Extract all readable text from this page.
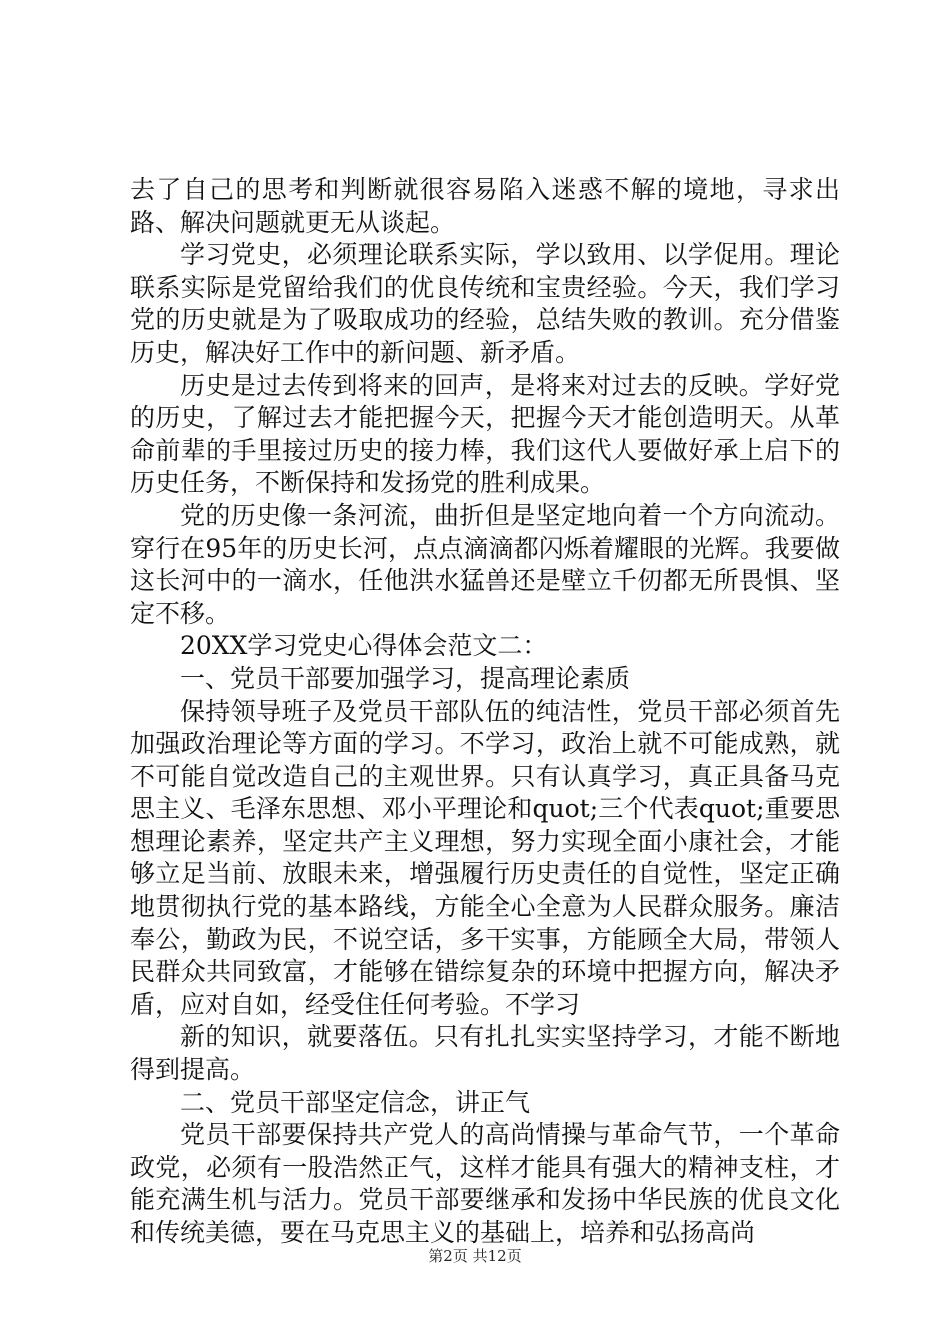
去了自己的思考和判断就很容易陷入迷惑不解的境地，寻求出路、解决问题就更无从谈起。

学习党史，必须理论联系实际，学以致用、以学促用。理论联系实际是党留给我们的优良传统和宝贵经验。今天，我们学习党的历史就是为了吸取成功的经验，总结失败的教训。充分借鉴历史，解决好工作中的新问题、新矛盾。

历史是过去传到将来的回声，是将来对过去的反映。学好党的历史，了解过去才能把握今天，把握今天才能创造明天。从革命前辈的手里接过历史的接力棒，我们这代人要做好承上启下的历史任务，不断保持和发扬党的胜利成果。

党的历史像一条河流，曲折但是坚定地向着一个方向流动。穿行在95年的历史长河，点点滴滴都闪烁着耀眼的光辉。我要做这长河中的一滴水，任他洪水猛兽还是壁立千仞都无所畏惧、坚定不移。

20XX学习党史心得体会范文二：

一、党员干部要加强学习，提高理论素质

保持领导班子及党员干部队伍的纯洁性，党员干部必须首先加强政治理论等方面的学习。不学习，政治上就不可能成熟，就不可能自觉改造自己的主观世界。只有认真学习，真正具备马克思主义、毛泽东思想、邓小平理论和quot;三个代表quot;重要思想理论素养，坚定共产主义理想，努力实现全面小康社会，才能够立足当前、放眼未来，增强履行历史责任的自觉性，坚定正确地贯彻执行党的基本路线，方能全心全意为人民群众服务。廉洁奉公，勤政为民，不说空话，多干实事，方能顾全大局，带领人民群众共同致富，才能够在错综复杂的环境中把握方向，解决矛盾，应对自如，经受住任何考验。不学习

新的知识，就要落伍。只有扎扎实实坚持学习，才能不断地得到提高。

二、党员干部坚定信念，讲正气

党员干部要保持共产党人的高尚情操与革命气节，一个革命政党，必须有一股浩然正气，这样才能具有强大的精神支柱，才能充满生机与活力。党员干部要继承和发扬中华民族的优良文化和传统美德，要在马克思主义的基础上，培养和弘扬高尚

第2页 共12页
